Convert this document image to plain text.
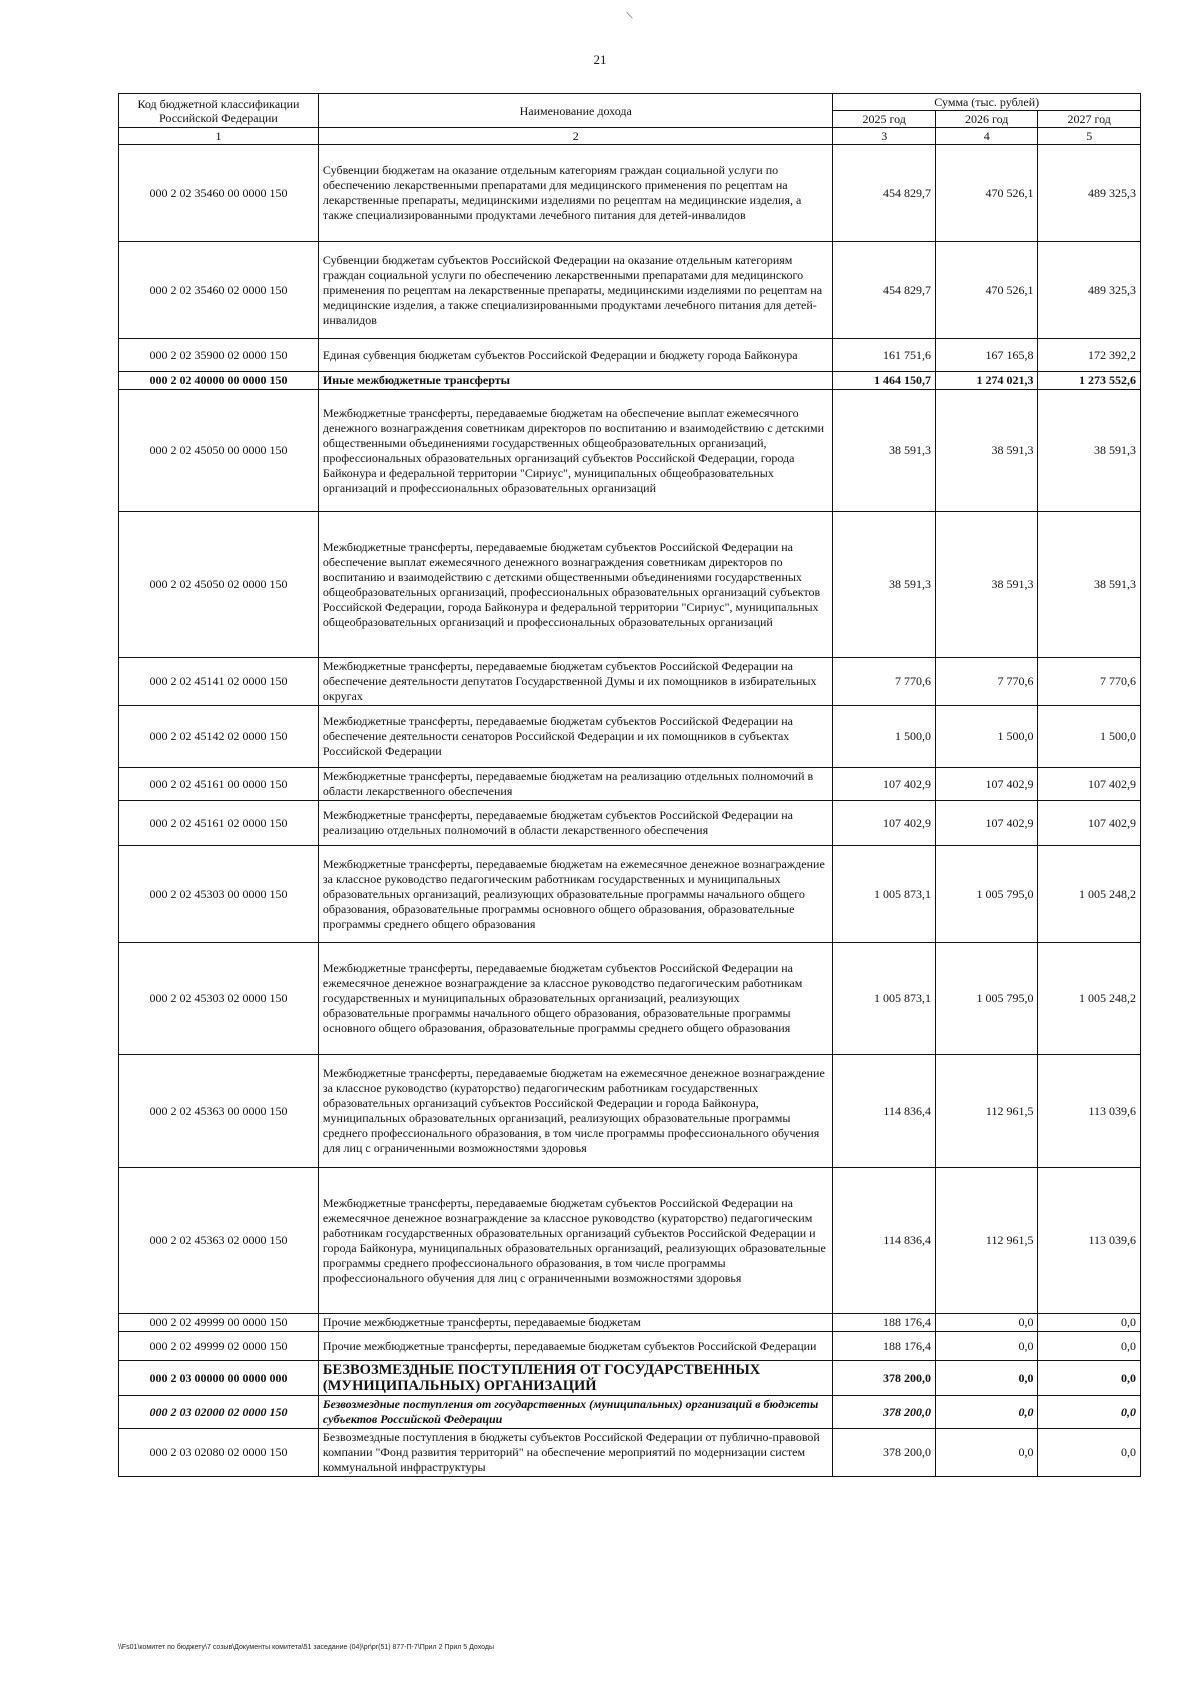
\
21
Код бюджетной классификации Российской Федерации	Наименование дохода	Сумма (тыс. рублей)		
		2025 год	2026 год	2027 год
1	2	3	4	5
000 2 02 35460 00 0000 150	Субвенции бюджетам на оказание отдельным категориям граждан социальной услуги по обеспечению лекарственными препаратами для медицинского применения по рецептам на лекарственные препараты, медицинскими изделиями по рецептам на медицинские изделия, а также специализированными продуктами лечебного питания для детей-инвалидов	454 829,7	470 526,1	489 325,3
000 2 02 35460 02 0000 150	Субвенции бюджетам субъектов Российской Федерации на оказание отдельным категориям граждан социальной услуги по обеспечению лекарственными препаратами для медицинского применения по рецептам на лекарственные препараты, медицинскими изделиями по рецептам на медицинские изделия, а также специализированными продуктами лечебного питания для детей-инвалидов	454 829,7	470 526,1	489 325,3
000 2 02 35900 02 0000 150	Единая субвенция бюджетам субъектов Российской Федерации и бюджету города Байконура	161 751,6	167 165,8	172 392,2
000 2 02 40000 00 0000 150	Иные межбюджетные трансферты	1 464 150,7	1 274 021,3	1 273 552,6
000 2 02 45050 00 0000 150	Межбюджетные трансферты, передаваемые бюджетам на обеспечение выплат ежемесячного денежного вознаграждения советникам директоров по воспитанию и взаимодействию с детскими общественными объединениями государственных общеобразовательных организаций, профессиональных образовательных организаций субъектов Российской Федерации, города Байконура и федеральной территории "Сириус", муниципальных общеобразовательных организаций и профессиональных образовательных организаций	38 591,3	38 591,3	38 591,3
000 2 02 45050 02 0000 150	Межбюджетные трансферты, передаваемые бюджетам субъектов Российской Федерации на обеспечение выплат ежемесячного денежного вознаграждения советникам директоров по воспитанию и взаимодействию с детскими общественными объединениями государственных общеобразовательных организаций, профессиональных образовательных организаций субъектов Российской Федерации, города Байконура и федеральной территории "Сириус", муниципальных общеобразовательных организаций и профессиональных образовательных организаций	38 591,3	38 591,3	38 591,3
000 2 02 45141 02 0000 150	Межбюджетные трансферты, передаваемые бюджетам субъектов Российской Федерации на обеспечение деятельности депутатов Государственной Думы и их помощников в избирательных округах	7 770,6	7 770,6	7 770,6
000 2 02 45142 02 0000 150	Межбюджетные трансферты, передаваемые бюджетам субъектов Российской Федерации на обеспечение деятельности сенаторов Российской Федерации и их помощников в субъектах Российской Федерации	1 500,0	1 500,0	1 500,0
000 2 02 45161 00 0000 150	Межбюджетные трансферты, передаваемые бюджетам на реализацию отдельных полномочий в области лекарственного обеспечения	107 402,9	107 402,9	107 402,9
000 2 02 45161 02 0000 150	Межбюджетные трансферты, передаваемые бюджетам субъектов Российской Федерации на реализацию отдельных полномочий в области лекарственного обеспечения	107 402,9	107 402,9	107 402,9
000 2 02 45303 00 0000 150	Межбюджетные трансферты, передаваемые бюджетам на ежемесячное денежное вознаграждение за классное руководство педагогическим работникам государственных и муниципальных образовательных организаций, реализующих образовательные программы начального общего образования, образовательные программы основного общего образования, образовательные программы среднего общего образования	1 005 873,1	1 005 795,0	1 005 248,2
000 2 02 45303 02 0000 150	Межбюджетные трансферты, передаваемые бюджетам субъектов Российской Федерации на ежемесячное денежное вознаграждение за классное руководство педагогическим работникам государственных и муниципальных образовательных организаций, реализующих образовательные программы начального общего образования, образовательные программы основного общего образования, образовательные программы среднего общего образования	1 005 873,1	1 005 795,0	1 005 248,2
000 2 02 45363 00 0000 150	Межбюджетные трансферты, передаваемые бюджетам на ежемесячное денежное вознаграждение за классное руководство (кураторство) педагогическим работникам государственных образовательных организаций субъектов Российской Федерации и города Байконура, муниципальных образовательных организаций, реализующих образовательные программы среднего профессионального образования, в том числе программы профессионального обучения для лиц с ограниченными возможностями здоровья	114 836,4	112 961,5	113 039,6
000 2 02 45363 02 0000 150	Межбюджетные трансферты, передаваемые бюджетам субъектов Российской Федерации на ежемесячное денежное вознаграждение за классное руководство (кураторство) педагогическим работникам государственных образовательных организаций субъектов Российской Федерации и города Байконура, муниципальных образовательных организаций, реализующих образовательные программы среднего профессионального образования, в том числе программы профессионального обучения для лиц с ограниченными возможностями здоровья	114 836,4	112 961,5	113 039,6
000 2 02 49999 00 0000 150	Прочие межбюджетные трансферты, передаваемые бюджетам	188 176,4	0,0	0,0
000 2 02 49999 02 0000 150	Прочие межбюджетные трансферты, передаваемые бюджетам субъектов Российской Федерации	188 176,4	0,0	0,0
000 2 03 00000 00 0000 000	БЕЗВОЗМЕЗДНЫЕ ПОСТУПЛЕНИЯ ОТ ГОСУДАРСТВЕННЫХ (МУНИЦИПАЛЬНЫХ) ОРГАНИЗАЦИЙ	378 200,0	0,0	0,0
000 2 03 02000 02 0000 150	Безвозмездные поступления от государственных (муниципальных) организаций в бюджеты субъектов Российской Федерации	378 200,0	0,0	0,0
000 2 03 02080 02 0000 150	Безвозмездные поступления в бюджеты субъектов Российской Федерации от публично-правовой компании "Фонд развития территорий" на обеспечение мероприятий по модернизации систем коммунальной инфраструктуры	378 200,0	0,0	0,0
\\Fs01\комитет по бюджету\7 созыв\Документы комитета\51 заседание (04)\pr\pr(51) 877-П-7\Прил 2 Прил 5 Доходы
